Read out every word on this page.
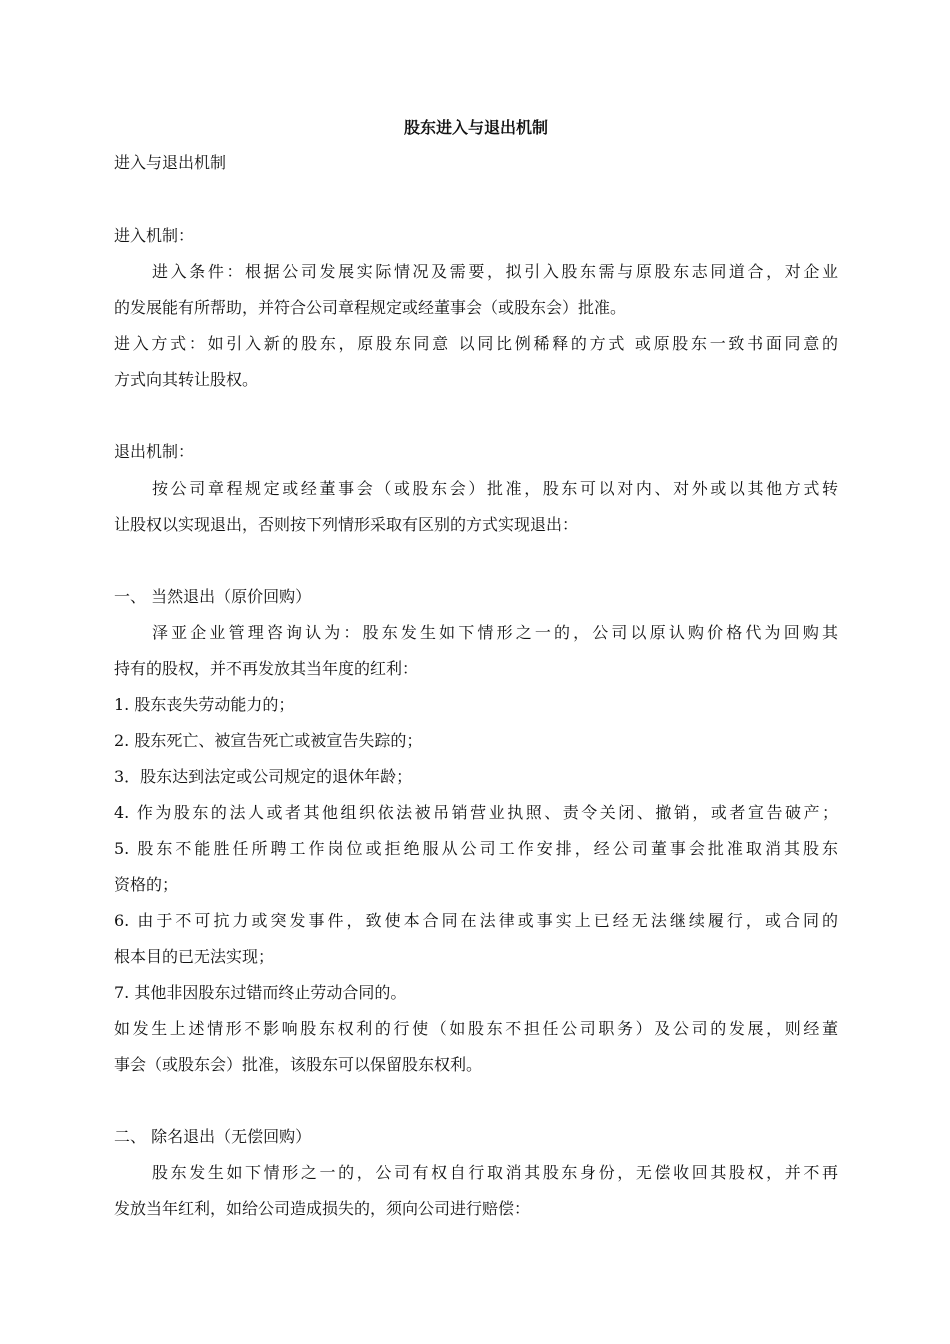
股东进入与退出机制
进入与退出机制
进入机制：
进入条件：根据公司发展实际情况及需要，拟引入股东需与原股东志同道合，对企业
的发展能有所帮助，并符合公司章程规定或经董事会（或股东会）批准。
进入方式：如引入新的股东，原股东同意 以同比例稀释的方式 或原股东一致书面同意的
方式向其转让股权。
退出机制：
按公司章程规定或经董事会（或股东会）批准，股东可以对内、对外或以其他方式转
让股权以实现退出，否则按下列情形采取有区别的方式实现退出：
一、 当然退出（原价回购）
泽亚企业管理咨询认为：股东发生如下情形之一的，公司以原认购价格代为回购其
持有的股权，并不再发放其当年度的红利：
1. 股东丧失劳动能力的；
2. 股东死亡、被宣告死亡或被宣告失踪的；
3．股东达到法定或公司规定的退休年龄；
4. 作为股东的法人或者其他组织依法被吊销营业执照、责令关闭、撤销，或者宣告破产；
5. 股东不能胜任所聘工作岗位或拒绝服从公司工作安排，经公司董事会批准取消其股东
资格的；
6. 由于不可抗力或突发事件，致使本合同在法律或事实上已经无法继续履行，或合同的
根本目的已无法实现；
7. 其他非因股东过错而终止劳动合同的。
如发生上述情形不影响股东权利的行使（如股东不担任公司职务）及公司的发展，则经董
事会（或股东会）批准，该股东可以保留股东权利。
二、 除名退出（无偿回购）
股东发生如下情形之一的，公司有权自行取消其股东身份，无偿收回其股权，并不再
发放当年红利，如给公司造成损失的，须向公司进行赔偿：
